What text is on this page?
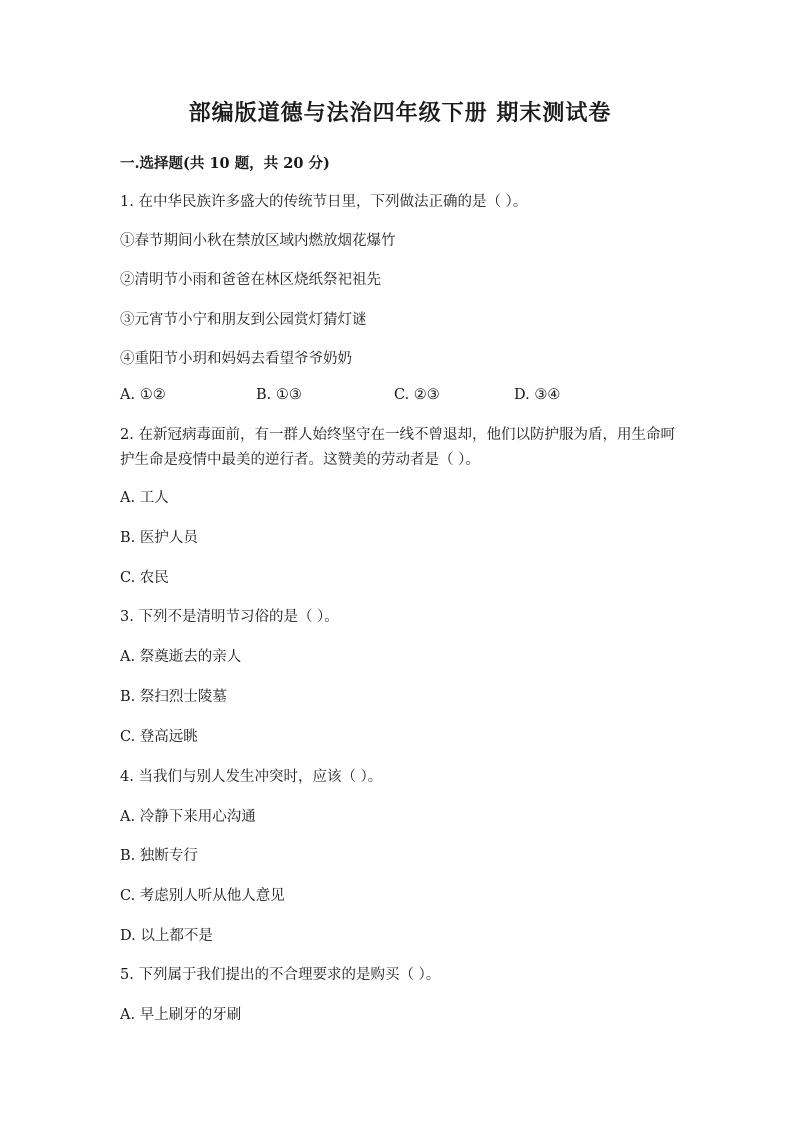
部编版道德与法治四年级下册 期末测试卷
一.选择题(共 10 题，共 20 分)
1. 在中华民族许多盛大的传统节日里，下列做法正确的是（ ）。
①春节期间小秋在禁放区域内燃放烟花爆竹
②清明节小雨和爸爸在林区烧纸祭祀祖先
③元宵节小宁和朋友到公园赏灯猜灯谜
④重阳节小玥和妈妈去看望爷爷奶奶
A. ①②	B. ①③	C. ②③	D. ③④
2. 在新冠病毒面前，有一群人始终坚守在一线不曾退却，他们以防护服为盾，用生命呵护生命是疫情中最美的逆行者。这赞美的劳动者是（ ）。
A. 工人
B. 医护人员
C. 农民
3. 下列不是清明节习俗的是（ ）。
A. 祭奠逝去的亲人
B. 祭扫烈士陵墓
C. 登高远眺
4. 当我们与别人发生冲突时，应该（ ）。
A. 冷静下来用心沟通
B. 独断专行
C. 考虑别人听从他人意见
D. 以上都不是
5. 下列属于我们提出的不合理要求的是购买（ ）。
A. 早上刷牙的牙刷
